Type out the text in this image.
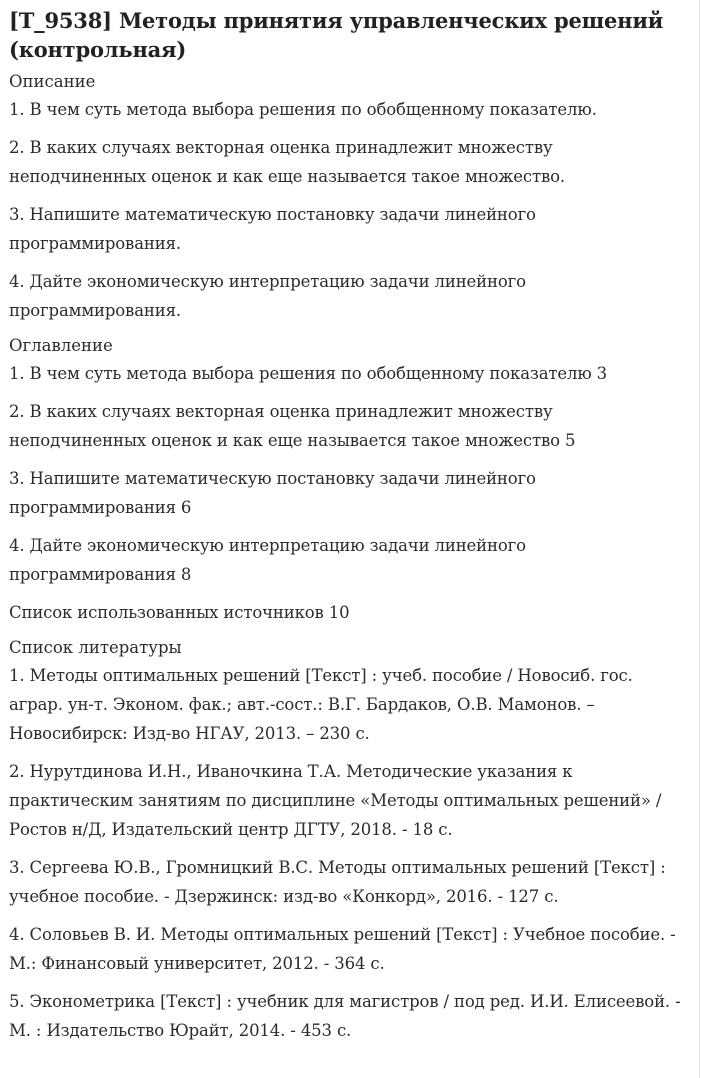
[T_9538] Методы принятия управленческих решений (контрольная)
Описание

1. В чем суть метода выбора решения по обобщенному показателю.

2. В каких случаях векторная оценка принадлежит множеству неподчиненных оценок и как еще называется такое множество.

3. Напишите математическую постановку задачи линейного программирования.

4. Дайте экономическую интерпретацию задачи линейного программирования.

Оглавление

1. В чем суть метода выбора решения по обобщенному показателю 3

2. В каких случаях векторная оценка принадлежит множеству неподчиненных оценок и как еще называется такое множество 5

3. Напишите математическую постановку задачи линейного программирования 6

4. Дайте экономическую интерпретацию задачи линейного программирования 8

Список использованных источников 10

Список литературы

1. Методы оптимальных решений [Текст] : учеб. пособие / Новосиб. гос. аграр. ун-т. Эконом. фак.; авт.-сост.: В.Г. Бардаков, О.В. Мамонов. – Новосибирск: Изд-во НГАУ, 2013. – 230 с.

2. Нурутдинова И.Н., Иваночкина Т.А. Методические указания к практическим занятиям по дисциплине «Методы оптимальных решений» / Ростов н/Д, Издательский центр ДГТУ, 2018. - 18 с.

3. Сергеева Ю.В., Громницкий В.С. Методы оптимальных решений [Текст] : учебное пособие. - Дзержинск: изд-во «Конкорд», 2016. - 127 с.

4. Соловьев В. И. Методы оптимальных решений [Текст] : Учебное пособие. - М.: Финансовый университет, 2012. - 364 с.

5. Эконометрика [Текст] : учебник для магистров / под ред. И.И. Елисеевой. - М. : Издательство Юрайт, 2014. - 453 с.
